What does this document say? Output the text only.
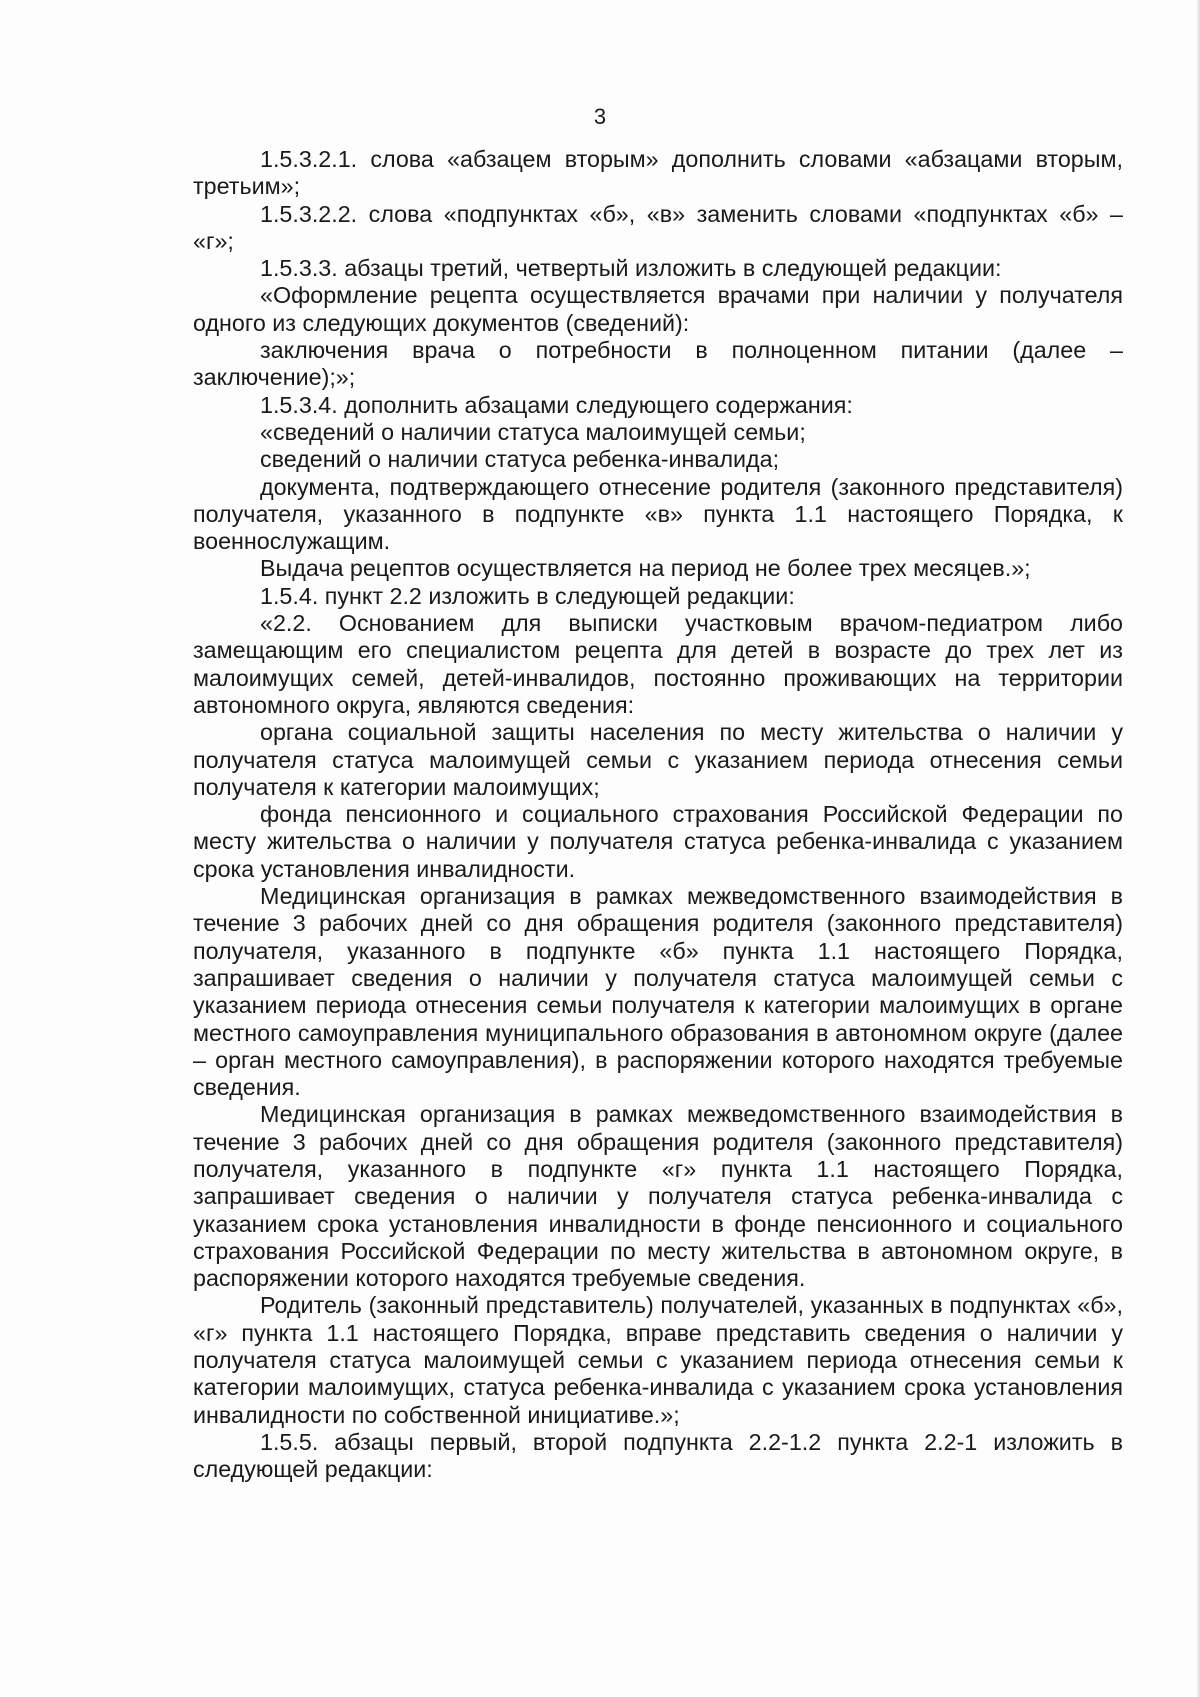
3

1.5.3.2.1. слова «абзацем вторым» дополнить словами «абзацами вторым, третьим»;

1.5.3.2.2. слова «подпунктах «б», «в» заменить словами «подпунктах «б» – «г»;

1.5.3.3. абзацы третий, четвертый изложить в следующей редакции:

«Оформление рецепта осуществляется врачами при наличии у получателя одного из следующих документов (сведений):

заключения врача о потребности в полноценном питании (далее – заключение);»;

1.5.3.4. дополнить абзацами следующего содержания:

«сведений о наличии статуса малоимущей семьи;

сведений о наличии статуса ребенка-инвалида;

документа, подтверждающего отнесение родителя (законного представителя) получателя, указанного в подпункте «в» пункта 1.1 настоящего Порядка, к военнослужащим.

Выдача рецептов осуществляется на период не более трех месяцев.»;

1.5.4. пункт 2.2 изложить в следующей редакции:

«2.2. Основанием для выписки участковым врачом-педиатром либо замещающим его специалистом рецепта для детей в возрасте до трех лет из малоимущих семей, детей-инвалидов, постоянно проживающих на территории автономного округа, являются сведения:

органа социальной защиты населения по месту жительства о наличии у получателя статуса малоимущей семьи с указанием периода отнесения семьи получателя к категории малоимущих;

фонда пенсионного и социального страхования Российской Федерации по месту жительства о наличии у получателя статуса ребенка-инвалида с указанием срока установления инвалидности.

Медицинская организация в рамках межведомственного взаимодействия в течение 3 рабочих дней со дня обращения родителя (законного представителя) получателя, указанного в подпункте «б» пункта 1.1 настоящего Порядка, запрашивает сведения о наличии у получателя статуса малоимущей семьи с указанием периода отнесения семьи получателя к категории малоимущих в органе местного самоуправления муниципального образования в автономном округе (далее – орган местного самоуправления), в распоряжении которого находятся требуемые сведения.

Медицинская организация в рамках межведомственного взаимодействия в течение 3 рабочих дней со дня обращения родителя (законного представителя) получателя, указанного в подпункте «г» пункта 1.1 настоящего Порядка, запрашивает сведения о наличии у получателя статуса ребенка-инвалида с указанием срока установления инвалидности в фонде пенсионного и социального страхования Российской Федерации по месту жительства в автономном округе, в распоряжении которого находятся требуемые сведения.

Родитель (законный представитель) получателей, указанных в подпунктах «б», «г» пункта 1.1 настоящего Порядка, вправе представить сведения о наличии у получателя статуса малоимущей семьи с указанием периода отнесения семьи к категории малоимущих, статуса ребенка-инвалида с указанием срока установления инвалидности по собственной инициативе.»;

1.5.5. абзацы первый, второй подпункта 2.2-1.2 пункта 2.2-1 изложить в следующей редакции:
